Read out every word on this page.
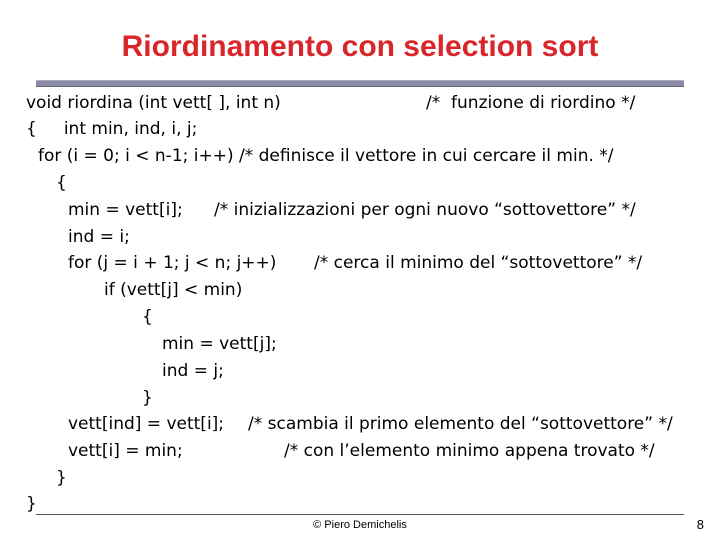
Riordinamento con selection sort
void riordina (int vett[ ], int n)	/*  funzione di riordino */
{     int min, ind, i, j;
for (i = 0; i < n-1; i++) /* definisce il vettore in cui cercare il min. */
{
min = vett[i]; /* inizializzazioni per ogni nuovo “sottovettore” */
ind = i;
for (j = i + 1; j < n; j++) /* cerca il minimo del “sottovettore” */
if (vett[j] < min)
{
min = vett[j];
ind = j;
}
vett[ind] = vett[i]; /* scambia il primo elemento del “sottovettore” */
vett[i] = min;	/* con l’elemento minimo appena trovato */
}
}
© Piero Demichelis	8
